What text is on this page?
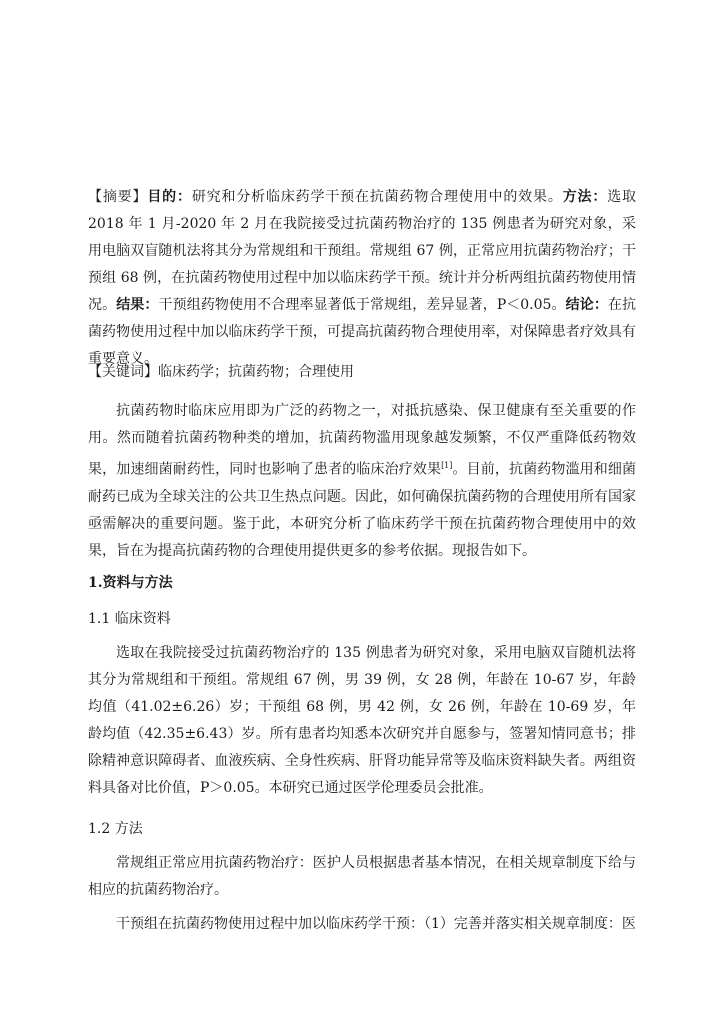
【摘要】目的：研究和分析临床药学干预在抗菌药物合理使用中的效果。方法：选取 2018 年 1 月-2020 年 2 月在我院接受过抗菌药物治疗的 135 例患者为研究对象，采用电脑双盲随机法将其分为常规组和干预组。常规组 67 例，正常应用抗菌药物治疗；干预组 68 例，在抗菌药物使用过程中加以临床药学干预。统计并分析两组抗菌药物使用情况。结果：干预组药物使用不合理率显著低于常规组，差异显著，P＜0.05。结论：在抗菌药物使用过程中加以临床药学干预，可提高抗菌药物合理使用率，对保障患者疗效具有重要意义。

【关键词】临床药学；抗菌药物；合理使用

抗菌药物时临床应用即为广泛的药物之一，对抵抗感染、保卫健康有至关重要的作用。然而随着抗菌药物种类的增加，抗菌药物滥用现象越发频繁，不仅严重降低药物效果，加速细菌耐药性，同时也影响了患者的临床治疗效果[1]。目前，抗菌药物滥用和细菌耐药已成为全球关注的公共卫生热点问题。因此，如何确保抗菌药物的合理使用所有国家亟需解决的重要问题。鉴于此，本研究分析了临床药学干预在抗菌药物合理使用中的效果，旨在为提高抗菌药物的合理使用提供更多的参考依据。现报告如下。

1.资料与方法

1.1 临床资料

选取在我院接受过抗菌药物治疗的 135 例患者为研究对象，采用电脑双盲随机法将其分为常规组和干预组。常规组 67 例，男 39 例，女 28 例，年龄在 10-67 岁，年龄均值（41.02±6.26）岁；干预组 68 例，男 42 例，女 26 例，年龄在 10-69 岁，年龄均值（42.35±6.43）岁。所有患者均知悉本次研究并自愿参与，签署知情同意书；排除精神意识障碍者、血液疾病、全身性疾病、肝肾功能异常等及临床资料缺失者。两组资料具备对比价值，P＞0.05。本研究已通过医学伦理委员会批准。

1.2 方法

常规组正常应用抗菌药物治疗：医护人员根据患者基本情况，在相关规章制度下给与相应的抗菌药物治疗。

干预组在抗菌药物使用过程中加以临床药学干预：（1）完善并落实相关规章制度：医
